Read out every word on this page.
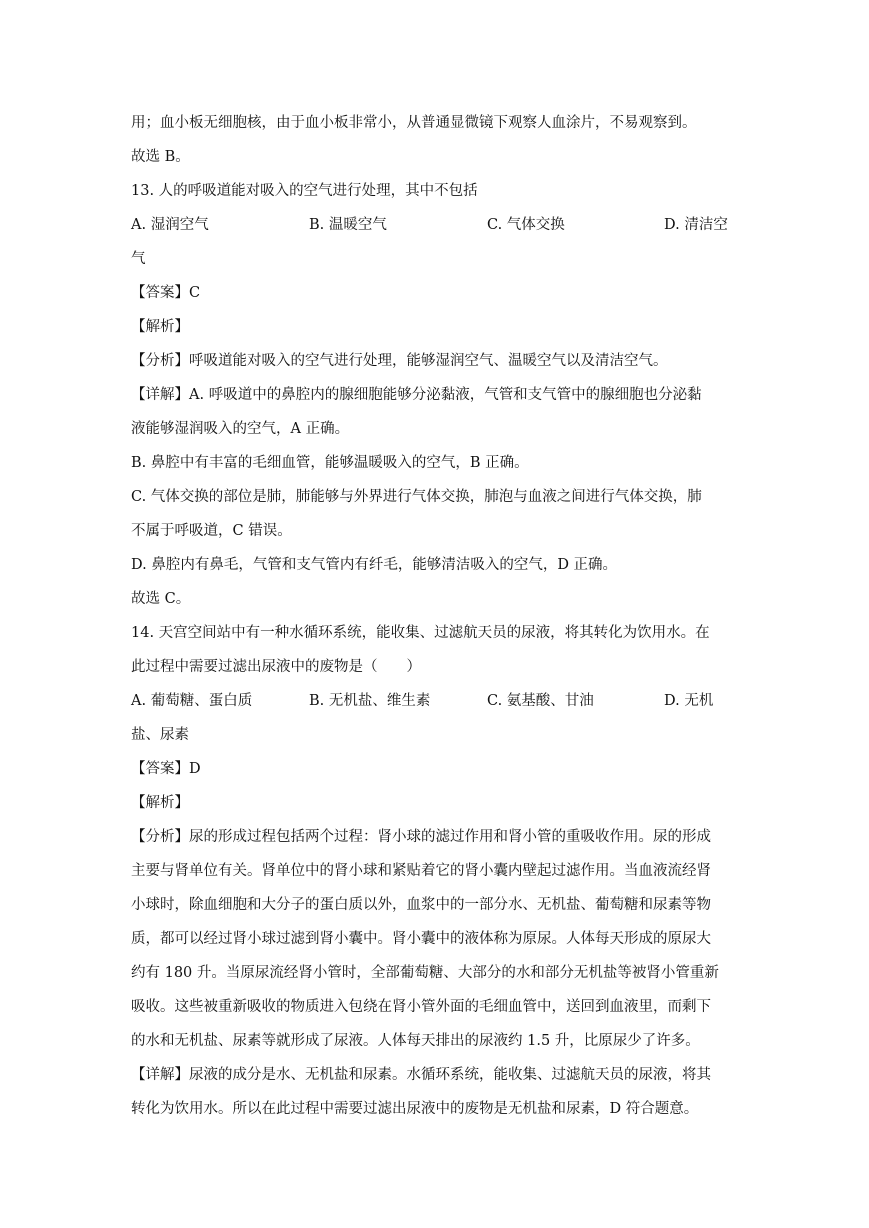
用；血小板无细胞核，由于血小板非常小，从普通显微镜下观察人血涂片，不易观察到。
故选 B。
13. 人的呼吸道能对吸入的空气进行处理，其中不包括
A. 湿润空气	B. 温暖空气	C. 气体交换	D. 清洁空
气
【答案】C
【解析】
【分析】呼吸道能对吸入的空气进行处理，能够湿润空气、温暖空气以及清洁空气。
【详解】A. 呼吸道中的鼻腔内的腺细胞能够分泌黏液，气管和支气管中的腺细胞也分泌黏
液能够湿润吸入的空气，A 正确。
B. 鼻腔中有丰富的毛细血管，能够温暖吸入的空气，B 正确。
C. 气体交换的部位是肺，肺能够与外界进行气体交换，肺泡与血液之间进行气体交换，肺
不属于呼吸道，C 错误。
D. 鼻腔内有鼻毛，气管和支气管内有纤毛，能够清洁吸入的空气，D 正确。
故选 C。
14. 天宫空间站中有一种水循环系统，能收集、过滤航天员的尿液，将其转化为饮用水。在
此过程中需要过滤出尿液中的废物是（　　）
A. 葡萄糖、蛋白质	B. 无机盐、维生素	C. 氨基酸、甘油	D. 无机
盐、尿素
【答案】D
【解析】
【分析】尿的形成过程包括两个过程：肾小球的滤过作用和肾小管的重吸收作用。尿的形成
主要与肾单位有关。肾单位中的肾小球和紧贴着它的肾小囊内壁起过滤作用。当血液流经肾
小球时，除血细胞和大分子的蛋白质以外，血浆中的一部分水、无机盐、葡萄糖和尿素等物
质，都可以经过肾小球过滤到肾小囊中。肾小囊中的液体称为原尿。人体每天形成的原尿大
约有 180 升。当原尿流经肾小管时，全部葡萄糖、大部分的水和部分无机盐等被肾小管重新
吸收。这些被重新吸收的物质进入包绕在肾小管外面的毛细血管中，送回到血液里，而剩下
的水和无机盐、尿素等就形成了尿液。人体每天排出的尿液约 1.5 升，比原尿少了许多。
【详解】尿液的成分是水、无机盐和尿素。水循环系统，能收集、过滤航天员的尿液，将其
转化为饮用水。所以在此过程中需要过滤出尿液中的废物是无机盐和尿素，D 符合题意。
